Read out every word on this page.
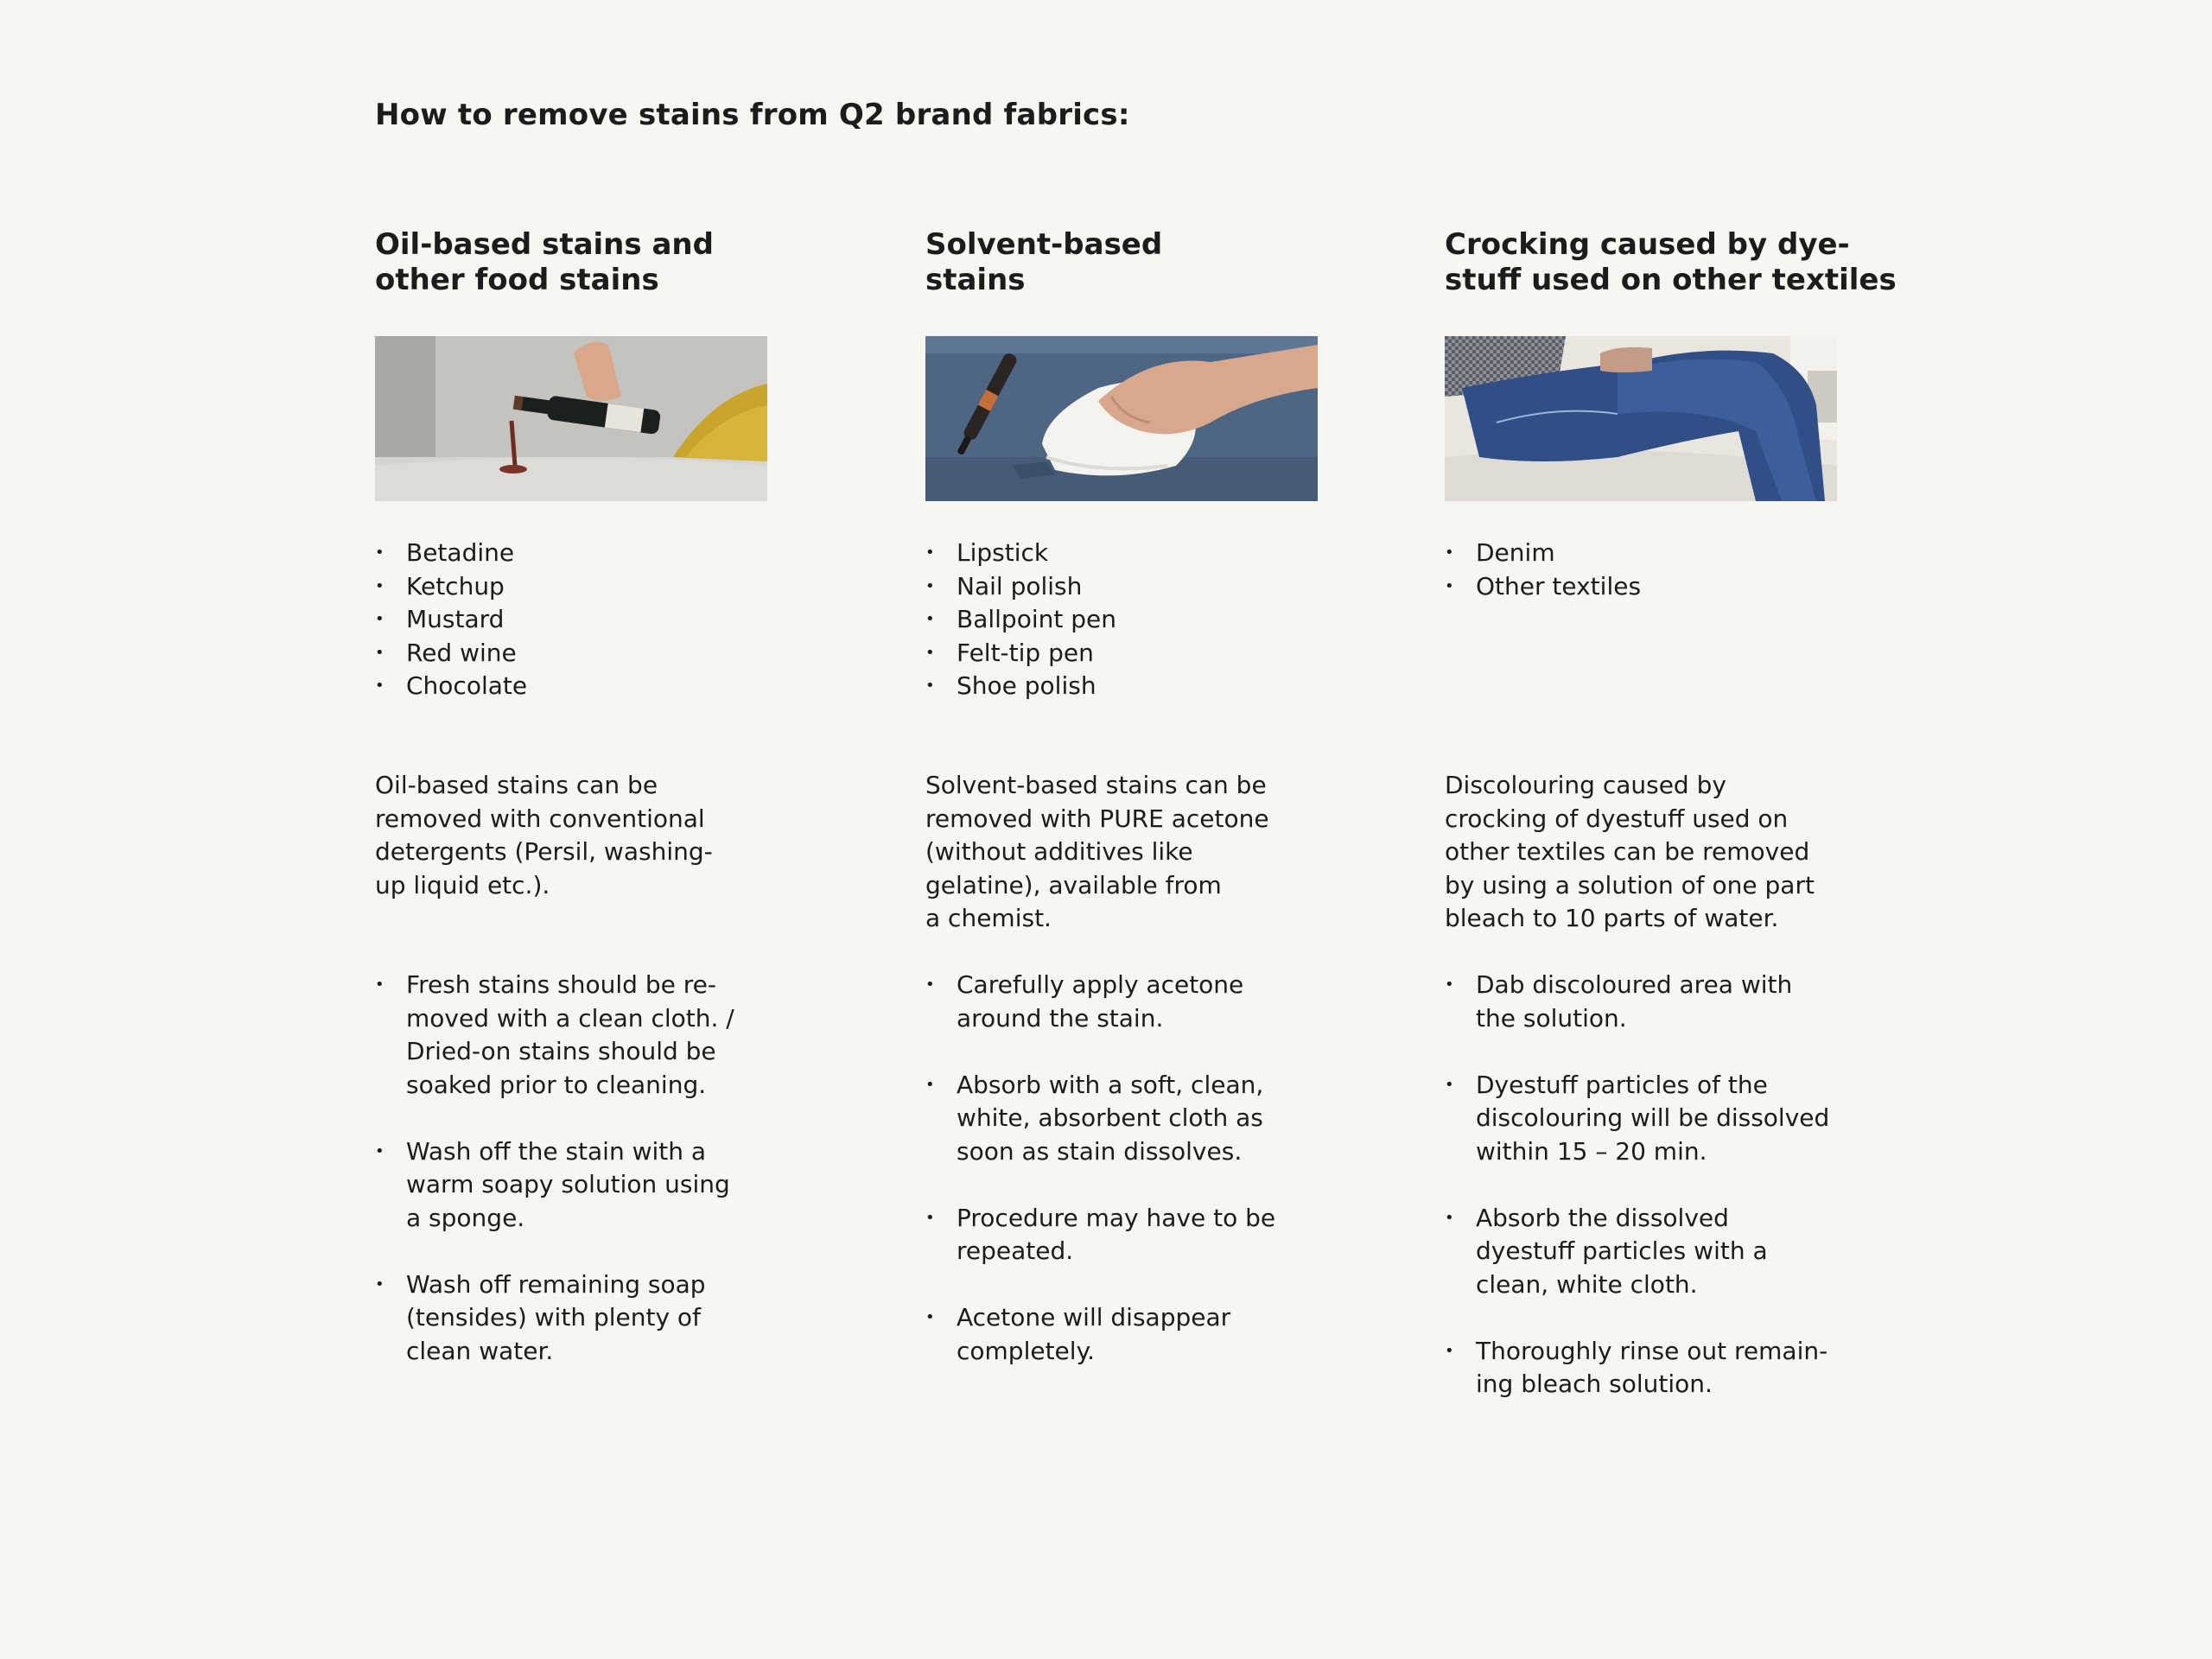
How to remove stains from Q2 brand fabrics:
Oil-based stains and
other food stains
• Betadine
• Ketchup
• Mustard
• Red wine
• Chocolate

Oil-based stains can be
removed with conventional
detergents (Persil, washing-
up liquid etc.).

• Fresh stains should be re-
moved with a clean cloth. /
Dried-on stains should be
soaked prior to cleaning.
• Wash off the stain with a
warm soapy solution using
a sponge.
• Wash off remaining soap
(tensides) with plenty of
clean water.
Solvent-based
stains
• Lipstick
• Nail polish
• Ballpoint pen
• Felt-tip pen
• Shoe polish

Solvent-based stains can be
removed with PURE acetone
(without additives like
gelatine), available from
a chemist.

• Carefully apply acetone
around the stain.
• Absorb with a soft, clean,
white, absorbent cloth as
soon as stain dissolves.
• Procedure may have to be
repeated.
• Acetone will disappear
completely.
Crocking caused by dye-
stuff used on other textiles
• Denim
• Other textiles

Discolouring caused by
crocking of dyestuff used on
other textiles can be removed
by using a solution of one part
bleach to 10 parts of water.

• Dab discoloured area with
the solution.
• Dyestuff particles of the
discolouring will be dissolved
within 15 – 20 min.
• Absorb the dissolved
dyestuff particles with a
clean, white cloth.
• Thoroughly rinse out remain-
ing bleach solution.
